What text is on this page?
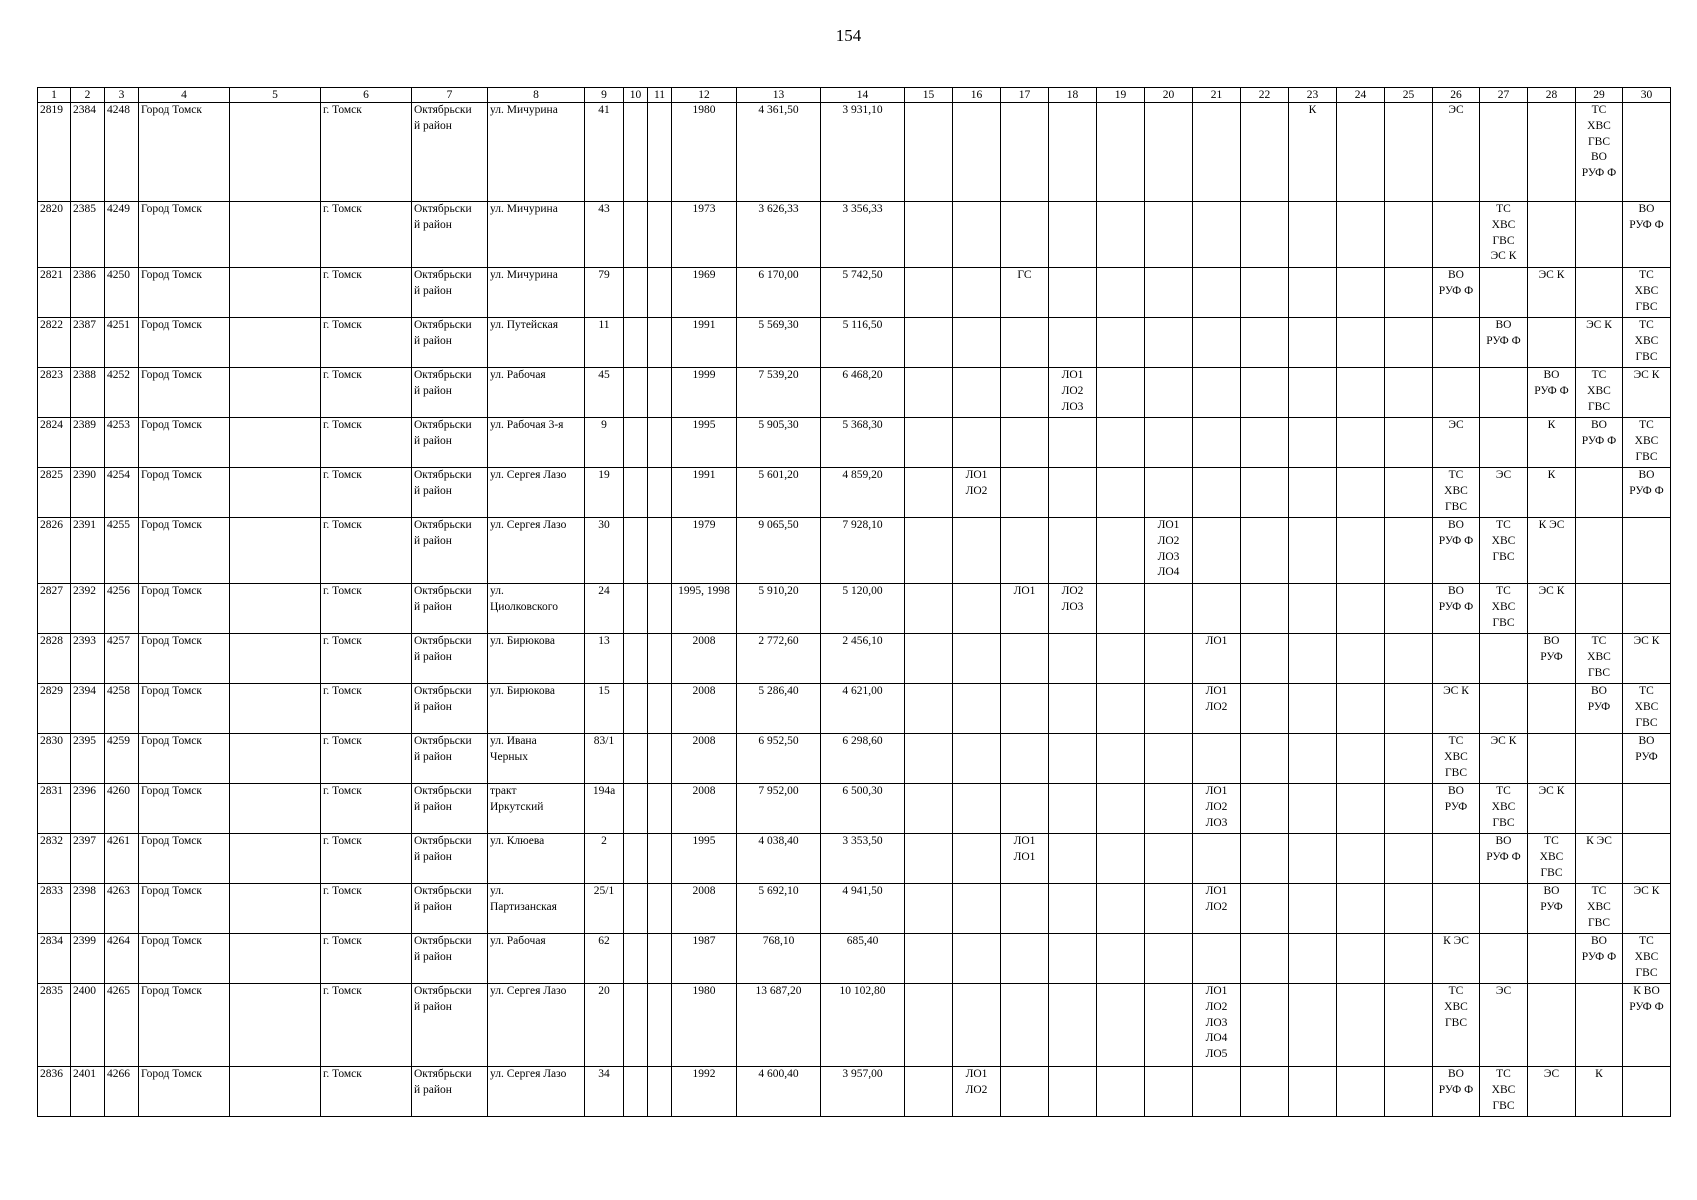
154
1	2	3	4	5	6	7	8	9	10	11	12	13	14	15	16	17	18	19	20	21	22	23	24	25	26	27	28	29	30

2819	2384	4248	Город Томск		г. Томск	Октябрьски
й район	ул. Мичурина	41			1980	4 361,50	3 931,10									К			ЭС			ТС
ХВС
ГВС
ВО
РУФ Ф	

2820	2385	4249	Город Томск		г. Томск	Октябрьски
й район	ул. Мичурина	43			1973	3 626,33	3 356,33													ТС
ХВС
ГВС
ЭС К			ВО
РУФ Ф

2821	2386	4250	Город Томск		г. Томск	Октябрьски
й район	ул. Мичурина	79			1969	6 170,00	5 742,50			ГС									ВО
РУФ Ф		ЭС К		ТС
ХВС
ГВС

2822	2387	4251	Город Томск		г. Томск	Октябрьски
й район	ул. Путейская	11			1991	5 569,30	5 116,50													ВО
РУФ Ф		ЭС К	ТС
ХВС
ГВС

2823	2388	4252	Город Томск		г. Томск	Октябрьски
й район	ул. Рабочая	45			1999	7 539,20	6 468,20				ЛО1
ЛО2
ЛО3										ВО
РУФ Ф	ТС
ХВС
ГВС	ЭС К

2824	2389	4253	Город Томск		г. Томск	Октябрьски
й район	ул. Рабочая 3-я	9			1995	5 905,30	5 368,30												ЭС		К	ВО
РУФ Ф	ТС
ХВС
ГВС

2825	2390	4254	Город Томск		г. Томск	Октябрьски
й район	ул. Сергея Лазо	19			1991	5 601,20	4 859,20		ЛО1
ЛО2										ТС
ХВС
ГВС	ЭС	К		ВО
РУФ Ф

2826	2391	4255	Город Томск		г. Томск	Октябрьски
й район	ул. Сергея Лазо	30			1979	9 065,50	7 928,10						ЛО1
ЛО2
ЛО3
ЛО4						ВО
РУФ Ф	ТС
ХВС
ГВС	К ЭС		

2827	2392	4256	Город Томск		г. Томск	Октябрьски
й район	ул.
Циолковского	24			1995, 1998	5 910,20	5 120,00			ЛО1	ЛО2
ЛО3								ВО
РУФ Ф	ТС
ХВС
ГВС	ЭС К		

2828	2393	4257	Город Томск		г. Томск	Октябрьски
й район	ул. Бирюкова	13			2008	2 772,60	2 456,10							ЛО1							ВО
РУФ	ТС
ХВС
ГВС	ЭС К

2829	2394	4258	Город Томск		г. Томск	Октябрьски
й район	ул. Бирюкова	15			2008	5 286,40	4 621,00							ЛО1
ЛО2					ЭС К			ВО
РУФ	ТС
ХВС
ГВС

2830	2395	4259	Город Томск		г. Томск	Октябрьски
й район	ул. Ивана
Черных	83/1			2008	6 952,50	6 298,60												ТС
ХВС
ГВС	ЭС К			ВО
РУФ

2831	2396	4260	Город Томск		г. Томск	Октябрьски
й район	тракт
Иркутский	194а			2008	7 952,00	6 500,30							ЛО1
ЛО2
ЛО3					ВО
РУФ	ТС
ХВС
ГВС	ЭС К		

2832	2397	4261	Город Томск		г. Томск	Октябрьски
й район	ул. Клюева	2			1995	4 038,40	3 353,50			ЛО1
ЛО1										ВО
РУФ Ф	ТС
ХВС
ГВС	К ЭС	

2833	2398	4263	Город Томск		г. Томск	Октябрьски
й район	ул.
Партизанская	25/1			2008	5 692,10	4 941,50							ЛО1
ЛО2							ВО
РУФ	ТС
ХВС
ГВС	ЭС К

2834	2399	4264	Город Томск		г. Томск	Октябрьски
й район	ул. Рабочая	62			1987	768,10	685,40												К ЭС			ВО
РУФ Ф	ТС
ХВС
ГВС

2835	2400	4265	Город Томск		г. Томск	Октябрьски
й район	ул. Сергея Лазо	20			1980	13 687,20	10 102,80							ЛО1
ЛО2
ЛО3
ЛО4
ЛО5					ТС
ХВС
ГВС	ЭС			К ВО
РУФ Ф

2836	2401	4266	Город Томск		г. Томск	Октябрьски
й район	ул. Сергея Лазо	34			1992	4 600,40	3 957,00		ЛО1
ЛО2										ВО
РУФ Ф	ТС
ХВС
ГВС	ЭС	К	
